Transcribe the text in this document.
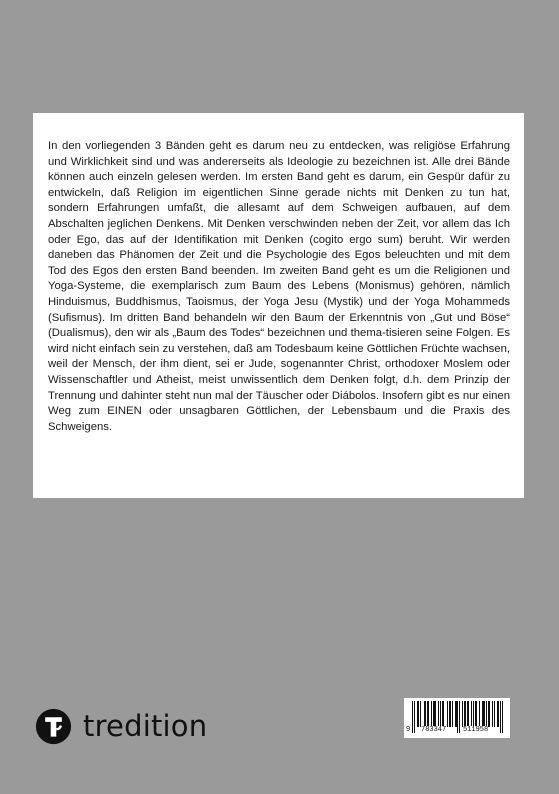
In den vorliegenden 3 Bänden geht es darum neu zu entdecken, was religiöse Erfahrung und Wirklichkeit sind und was andererseits als Ideologie zu bezeichnen ist. Alle drei Bände können auch einzeln gelesen werden. Im ersten Band geht es darum, ein Gespür dafür zu entwickeln, daß Religion im eigentlichen Sinne gerade nichts mit Denken zu tun hat, sondern Erfahrungen umfaßt, die allesamt auf dem Schweigen aufbauen, auf dem Abschalten jeglichen Denkens. Mit Denken verschwinden neben der Zeit, vor allem das Ich oder Ego, das auf der Identifikation mit Denken (cogito ergo sum) beruht. Wir werden daneben das Phänomen der Zeit und die Psychologie des Egos beleuchten und mit dem Tod des Egos den ersten Band beenden. Im zweiten Band geht es um die Religionen und Yoga-Systeme, die exemplarisch zum Baum des Lebens (Monismus) gehören, nämlich Hinduismus, Buddhismus, Taoismus, der Yoga Jesu (Mystik) und der Yoga Mohammeds (Sufismus). Im dritten Band behandeln wir den Baum der Erkenntnis von „Gut und Böse“ (Dualismus), den wir als „Baum des Todes“ bezeichnen und thema-tisieren seine Folgen. Es wird nicht einfach sein zu verstehen, daß am Todesbaum keine Göttlichen Früchte wachsen, weil der Mensch, der ihm dient, sei er Jude, sogenannter Christ, orthodoxer Moslem oder Wissenschaftler und Atheist, meist unwissentlich dem Denken folgt, d.h. dem Prinzip der Trennung und dahinter steht nun mal der Täuscher oder Diábolos. Insofern gibt es nur einen Weg zum EINEN oder unsagbaren Göttlichen, der Lebensbaum und die Praxis des Schweigens.

tredition	9 783347 511958
